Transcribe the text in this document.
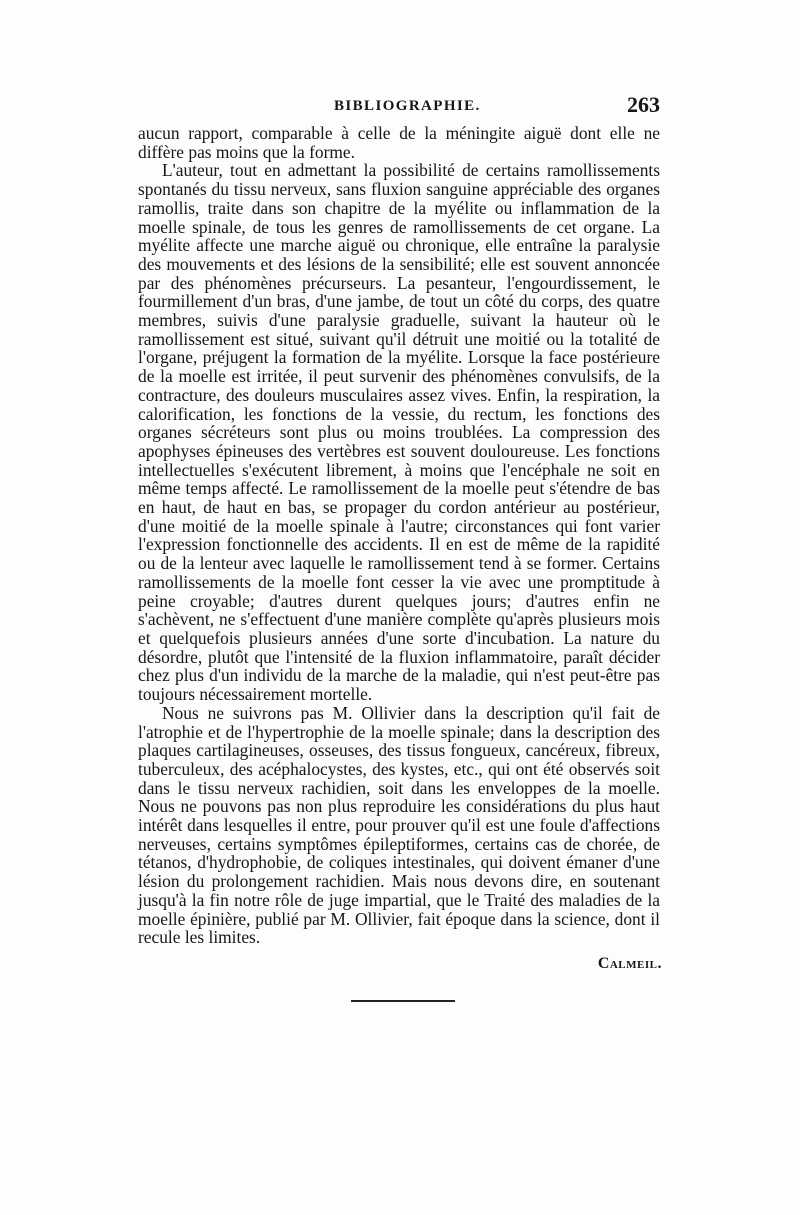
BIBLIOGRAPHIE.	263

aucun rapport, comparable à celle de la méningite aiguë dont elle ne diffère pas moins que la forme.

L'auteur, tout en admettant la possibilité de certains ramollissements spontanés du tissu nerveux, sans fluxion sanguine appréciable des organes ramollis, traite dans son chapitre de la myélite ou inflammation de la moelle spinale, de tous les genres de ramollissements de cet organe. La myélite affecte une marche aiguë ou chronique, elle entraîne la paralysie des mouvements et des lésions de la sensibilité; elle est souvent annoncée par des phénomènes précurseurs. La pesanteur, l'engourdissement, le fourmillement d'un bras, d'une jambe, de tout un côté du corps, des quatre membres, suivis d'une paralysie graduelle, suivant la hauteur où le ramollissement est situé, suivant qu'il détruit une moitié ou la totalité de l'organe, préjugent la formation de la myélite. Lorsque la face postérieure de la moelle est irritée, il peut survenir des phénomènes convulsifs, de la contracture, des douleurs musculaires assez vives. Enfin, la respiration, la calorification, les fonctions de la vessie, du rectum, les fonctions des organes sécréteurs sont plus ou moins troublées. La compression des apophyses épineuses des vertèbres est souvent douloureuse. Les fonctions intellectuelles s'exécutent librement, à moins que l'encéphale ne soit en même temps affecté. Le ramollissement de la moelle peut s'étendre de bas en haut, de haut en bas, se propager du cordon antérieur au postérieur, d'une moitié de la moelle spinale à l'autre; circonstances qui font varier l'expression fonctionnelle des accidents. Il en est de même de la rapidité ou de la lenteur avec laquelle le ramollissement tend à se former. Certains ramollissements de la moelle font cesser la vie avec une promptitude à peine croyable; d'autres durent quelques jours; d'autres enfin ne s'achèvent, ne s'effectuent d'une manière complète qu'après plusieurs mois et quelquefois plusieurs années d'une sorte d'incubation. La nature du désordre, plutôt que l'intensité de la fluxion inflammatoire, paraît décider chez plus d'un individu de la marche de la maladie, qui n'est peut-être pas toujours nécessairement mortelle.

Nous ne suivrons pas M. Ollivier dans la description qu'il fait de l'atrophie et de l'hypertrophie de la moelle spinale; dans la description des plaques cartilagineuses, osseuses, des tissus fongueux, cancéreux, fibreux, tuberculeux, des acéphalocystes, des kystes, etc., qui ont été observés soit dans le tissu nerveux rachidien, soit dans les enveloppes de la moelle. Nous ne pouvons pas non plus reproduire les considérations du plus haut intérêt dans lesquelles il entre, pour prouver qu'il est une foule d'affections nerveuses, certains symptômes épileptiformes, certains cas de chorée, de tétanos, d'hydrophobie, de coliques intestinales, qui doivent émaner d'une lésion du prolongement rachidien. Mais nous devons dire, en soutenant jusqu'à la fin notre rôle de juge impartial, que le Traité des maladies de la moelle épinière, publié par M. Ollivier, fait époque dans la science, dont il recule les limites.

Calmeil.
